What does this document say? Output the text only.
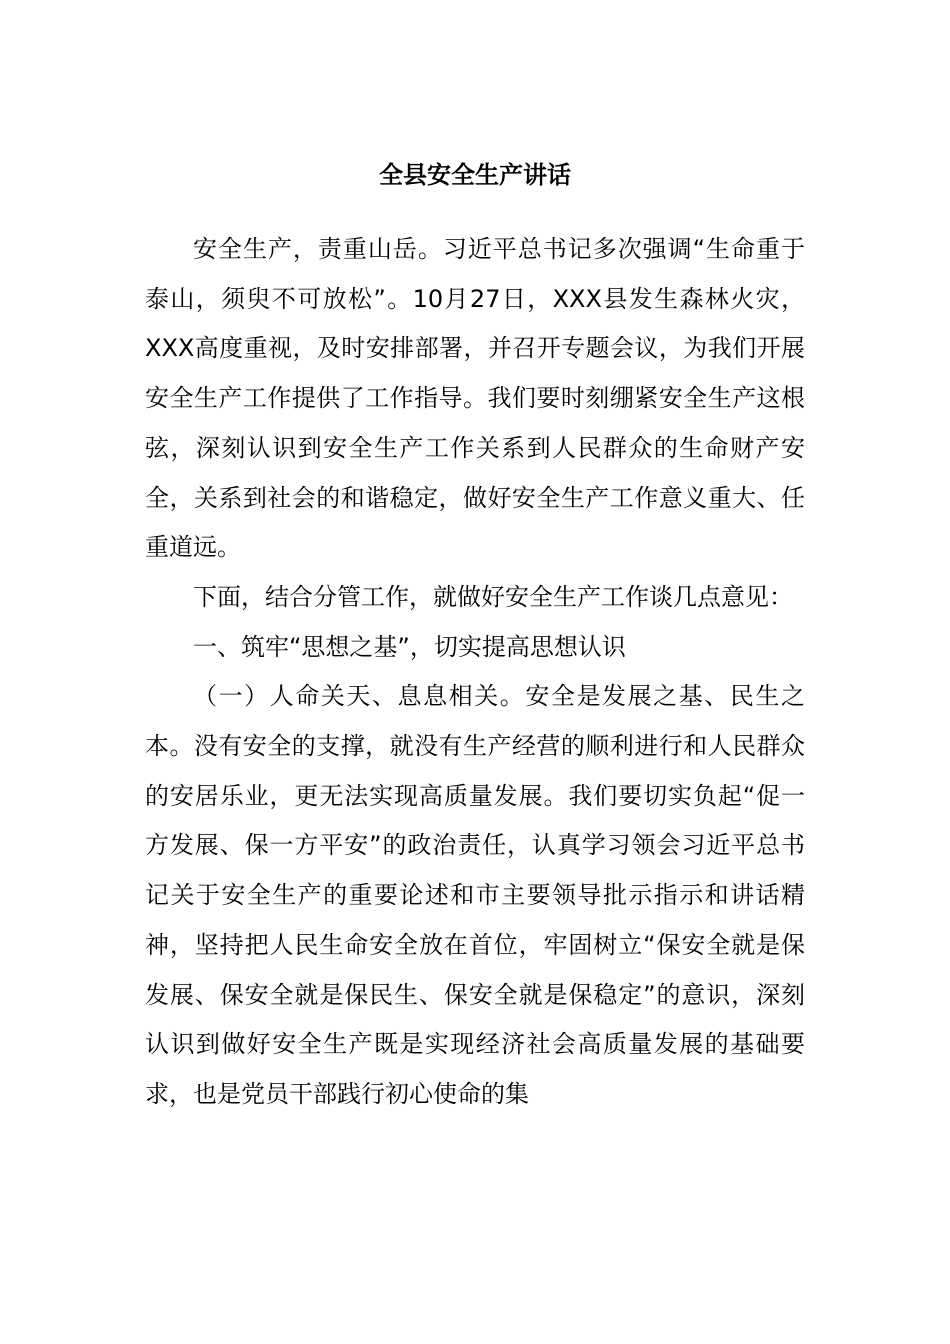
全县安全生产讲话

安全生产，责重山岳。习近平总书记多次强调“生命重于泰山，须臾不可放松”。10月27日，XXX县发生森林火灾，XXX高度重视，及时安排部署，并召开专题会议，为我们开展安全生产工作提供了工作指导。我们要时刻绷紧安全生产这根弦，深刻认识到安全生产工作关系到人民群众的生命财产安全，关系到社会的和谐稳定，做好安全生产工作意义重大、任重道远。

下面，结合分管工作，就做好安全生产工作谈几点意见：

一、筑牢“思想之基”，切实提高思想认识

（一）人命关天、息息相关。安全是发展之基、民生之本。没有安全的支撑，就没有生产经营的顺利进行和人民群众的安居乐业，更无法实现高质量发展。我们要切实负起“促一方发展、保一方平安”的政治责任，认真学习领会习近平总书记关于安全生产的重要论述和市主要领导批示指示和讲话精神，坚持把人民生命安全放在首位，牢固树立“保安全就是保发展、保安全就是保民生、保安全就是保稳定”的意识，深刻认识到做好安全生产既是实现经济社会高质量发展的基础要求，也是党员干部践行初心使命的集
